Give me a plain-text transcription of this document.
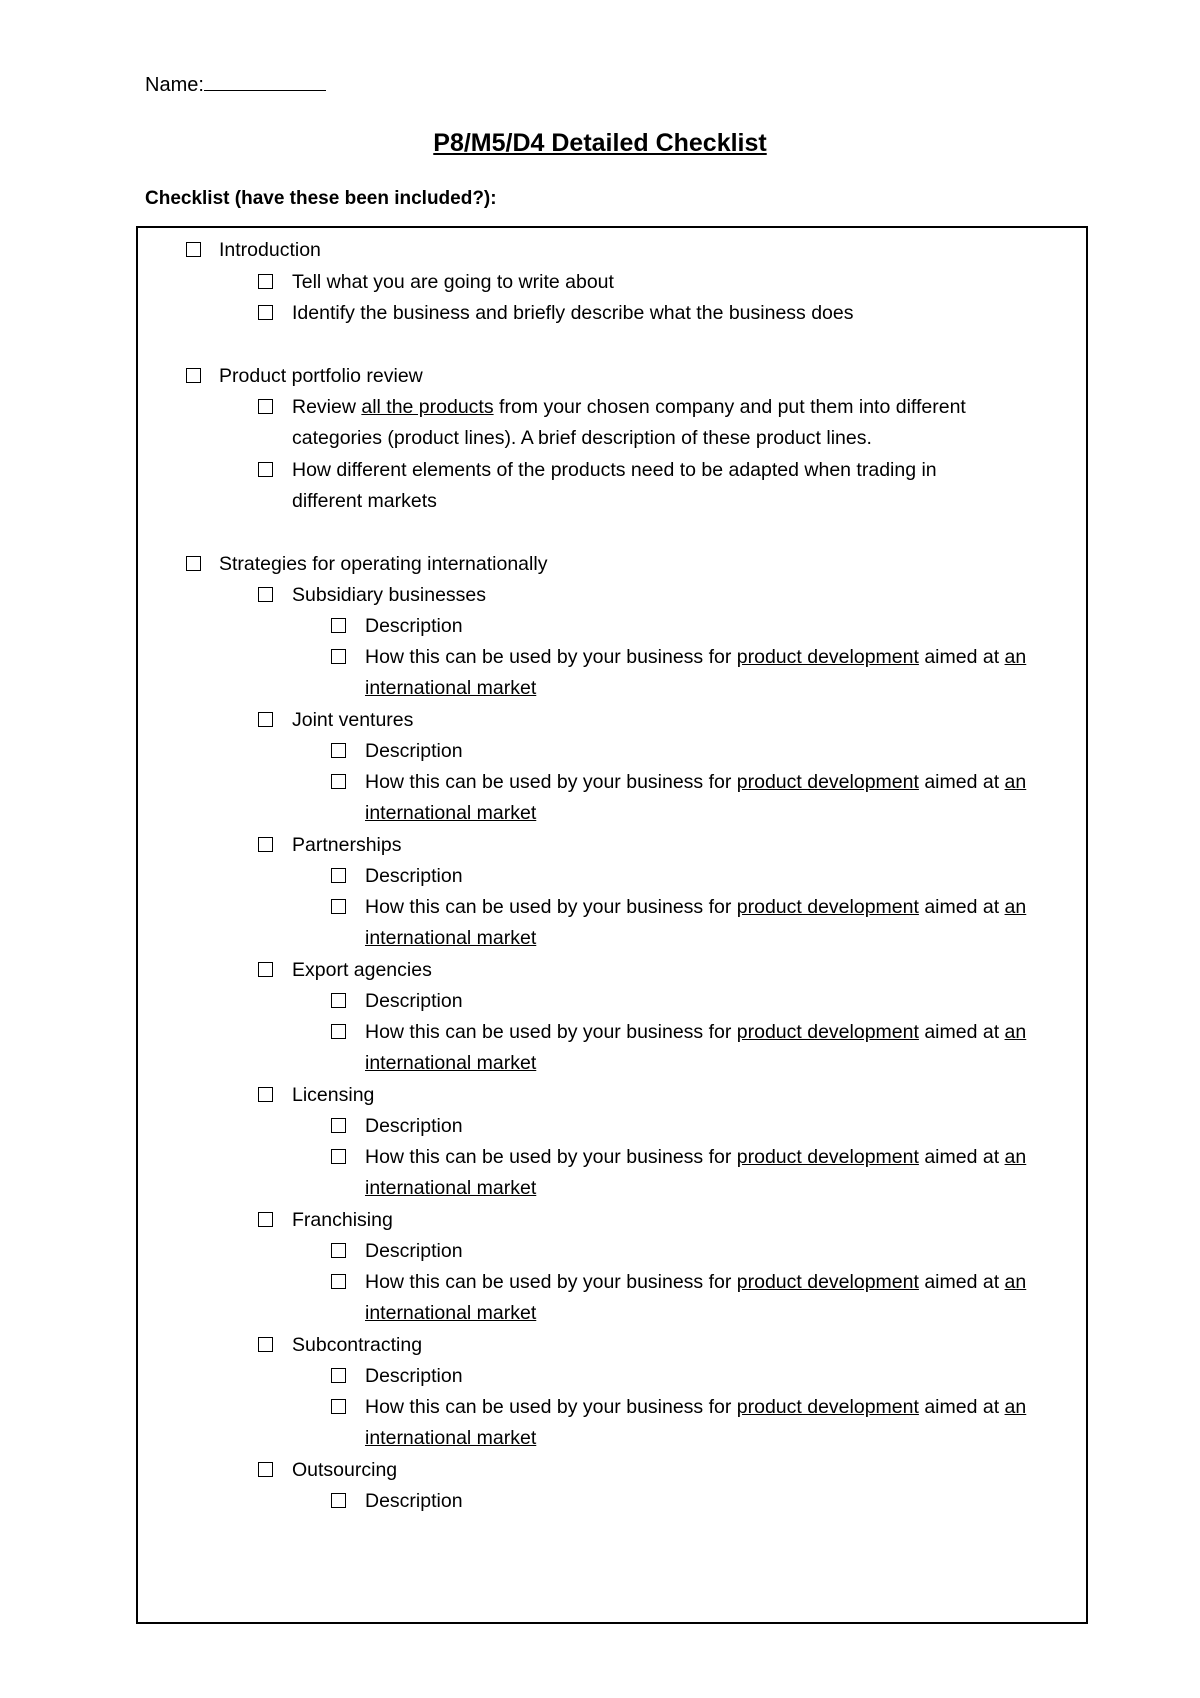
Name:
P8/M5/D4 Detailed Checklist
Checklist (have these been included?):
Introduction
Tell what you are going to write about
Identify the business and briefly describe what the business does
Product portfolio review
Review all the products from your chosen company and put them into different
categories (product lines). A brief description of these product lines.
How different elements of the products need to be adapted when trading in
different markets
Strategies for operating internationally
Subsidiary businesses
Description
How this can be used by your business for product development aimed at an
international market
Joint ventures
Description
How this can be used by your business for product development aimed at an
international market
Partnerships
Description
How this can be used by your business for product development aimed at an
international market
Export agencies
Description
How this can be used by your business for product development aimed at an
international market
Licensing
Description
How this can be used by your business for product development aimed at an
international market
Franchising
Description
How this can be used by your business for product development aimed at an
international market
Subcontracting
Description
How this can be used by your business for product development aimed at an
international market
Outsourcing
Description
